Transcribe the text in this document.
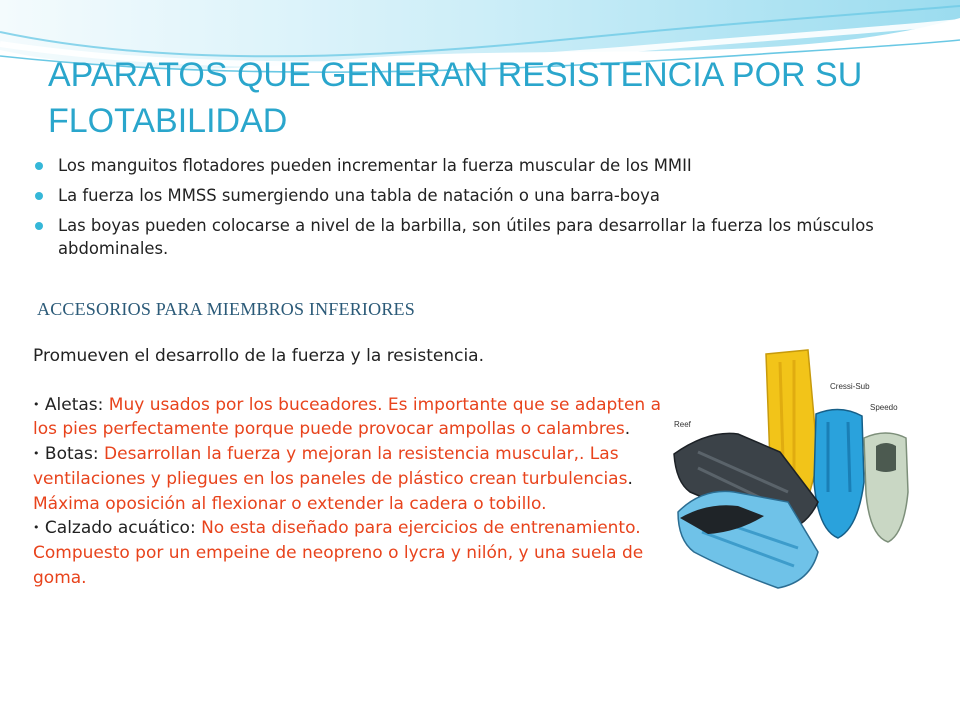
APARATOS QUE GENERAN RESISTENCIA POR SU FLOTABILIDAD
Los manguitos flotadores pueden incrementar la fuerza muscular de los MMII
La fuerza los MMSS sumergiendo una tabla de natación o una barra-boya
Las boyas pueden colocarse a nivel de la barbilla, son útiles para desarrollar la fuerza los músculos abdominales.
ACCESORIOS PARA MIEMBROS INFERIORES

Promueven el desarrollo de la fuerza y la resistencia.

• Aletas: Muy usados por los buceadores. Es importante que se adapten a los pies perfectamente porque puede provocar ampollas o calambres.

• Botas: Desarrollan la fuerza y mejoran la resistencia muscular,. Las ventilaciones y pliegues en los paneles de plástico crean turbulencias.

Máxima oposición al flexionar o extender la cadera o tobillo.

• Calzado acuático: No esta diseñado para ejercicios de entrenamiento. Compuesto por un empeine de neopreno o lycra y nilón, y una suela de goma.

Cressi-Sub
Speedo
Reef
